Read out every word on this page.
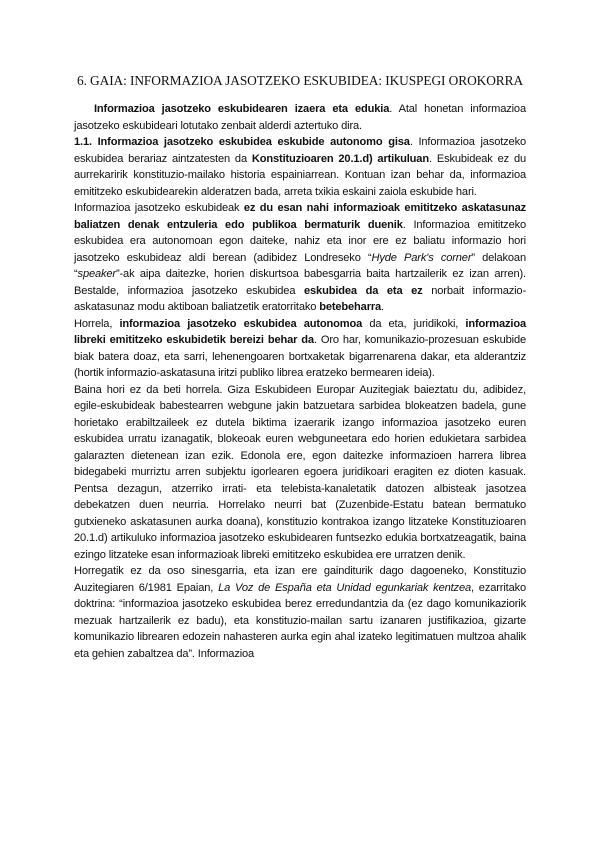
6. GAIA: INFORMAZIOA JASOTZEKO ESKUBIDEA: IKUSPEGI OROKORRA

Informazioa jasotzeko eskubidearen izaera eta edukia. Atal honetan informazioa jasotzeko eskubideari lotutako zenbait alderdi aztertuko dira.

1.1. Informazioa jasotzeko eskubidea eskubide autonomo gisa. Informazioa jasotzeko eskubidea berariaz aintzatesten da Konstituzioaren 20.1.d) artikuluan. Eskubideak ez du aurrekaririk konstituzio-mailako historia espainiarrean. Kontuan izan behar da, informazioa emititzeko eskubidearekin alderatzen bada, arreta txikia eskaini zaiola eskubide hari.

Informazioa jasotzeko eskubideak ez du esan nahi informazioak emititzeko askatasunaz baliatzen denak entzuleria edo publikoa bermaturik duenik. Informazioa emititzeko eskubidea era autonomoan egon daiteke, nahiz eta inor ere ez baliatu informazio hori jasotzeko eskubideaz aldi berean (adibidez Londreseko “Hyde Park's corner” delakoan “speaker”-ak aipa daitezke, horien diskurtsoa babesgarria baita hartzailerik ez izan arren). Bestalde, informazioa jasotzeko eskubidea eskubidea da eta ez norbait informazio-askatasunaz modu aktiboan baliatzetik eratorritako betebeharra.

Horrela, informazioa jasotzeko eskubidea autonomoa da eta, juridikoki, informazioa libreki emititzeko eskubidetik bereizi behar da. Oro har, komunikazio-prozesuan eskubide biak batera doaz, eta sarri, lehenengoaren bortxaketak bigarrenarena dakar, eta alderantziz (hortik informazio-askatasuna iritzi publiko librea eratzeko bermearen ideia).

Baina hori ez da beti horrela. Giza Eskubideen Europar Auzitegiak baieztatu du, adibidez, egile-eskubideak babestearren webgune jakin batzuetara sarbidea blokeatzen badela, gune horietako erabiltzaileek ez dutela biktima izaerarik izango informazioa jasotzeko euren eskubidea urratu izanagatik, blokeoak euren webguneetara edo horien edukietara sarbidea galarazten dietenean izan ezik. Edonola ere, egon daitezke informazioen harrera librea bidegabeki murriztu arren subjektu igorlearen egoera juridikoari eragiten ez dioten kasuak. Pentsa dezagun, atzerriko irrati- eta telebista-kanaletatik datozen albisteak jasotzea debekatzen duen neurria. Horrelako neurri bat (Zuzenbide-Estatu batean bermatuko gutxieneko askatasunen aurka doana), konstituzio kontrakoa izango litzateke Konstituzioaren 20.1.d) artikuluko informazioa jasotzeko eskubidearen funtsezko edukia bortxatzeagatik, baina ezingo litzateke esan informazioak libreki emititzeko eskubidea ere urratzen denik.

Horregatik ez da oso sinesgarria, eta izan ere gainditurik dago dagoeneko, Konstituzio Auzitegiaren 6/1981 Epaian, La Voz de España eta Unidad egunkariak kentzea, ezarritako doktrina: “informazioa jasotzeko eskubidea berez erredundantzia da (ez dago komunikaziorik mezuak hartzailerik ez badu), eta konstituzio-mailan sartu izanaren justifikazioa, gizarte komunikazio librearen edozein nahasteren aurka egin ahal izateko legitimatuen multzoa ahalik eta gehien zabaltzea da”. Informazioa
